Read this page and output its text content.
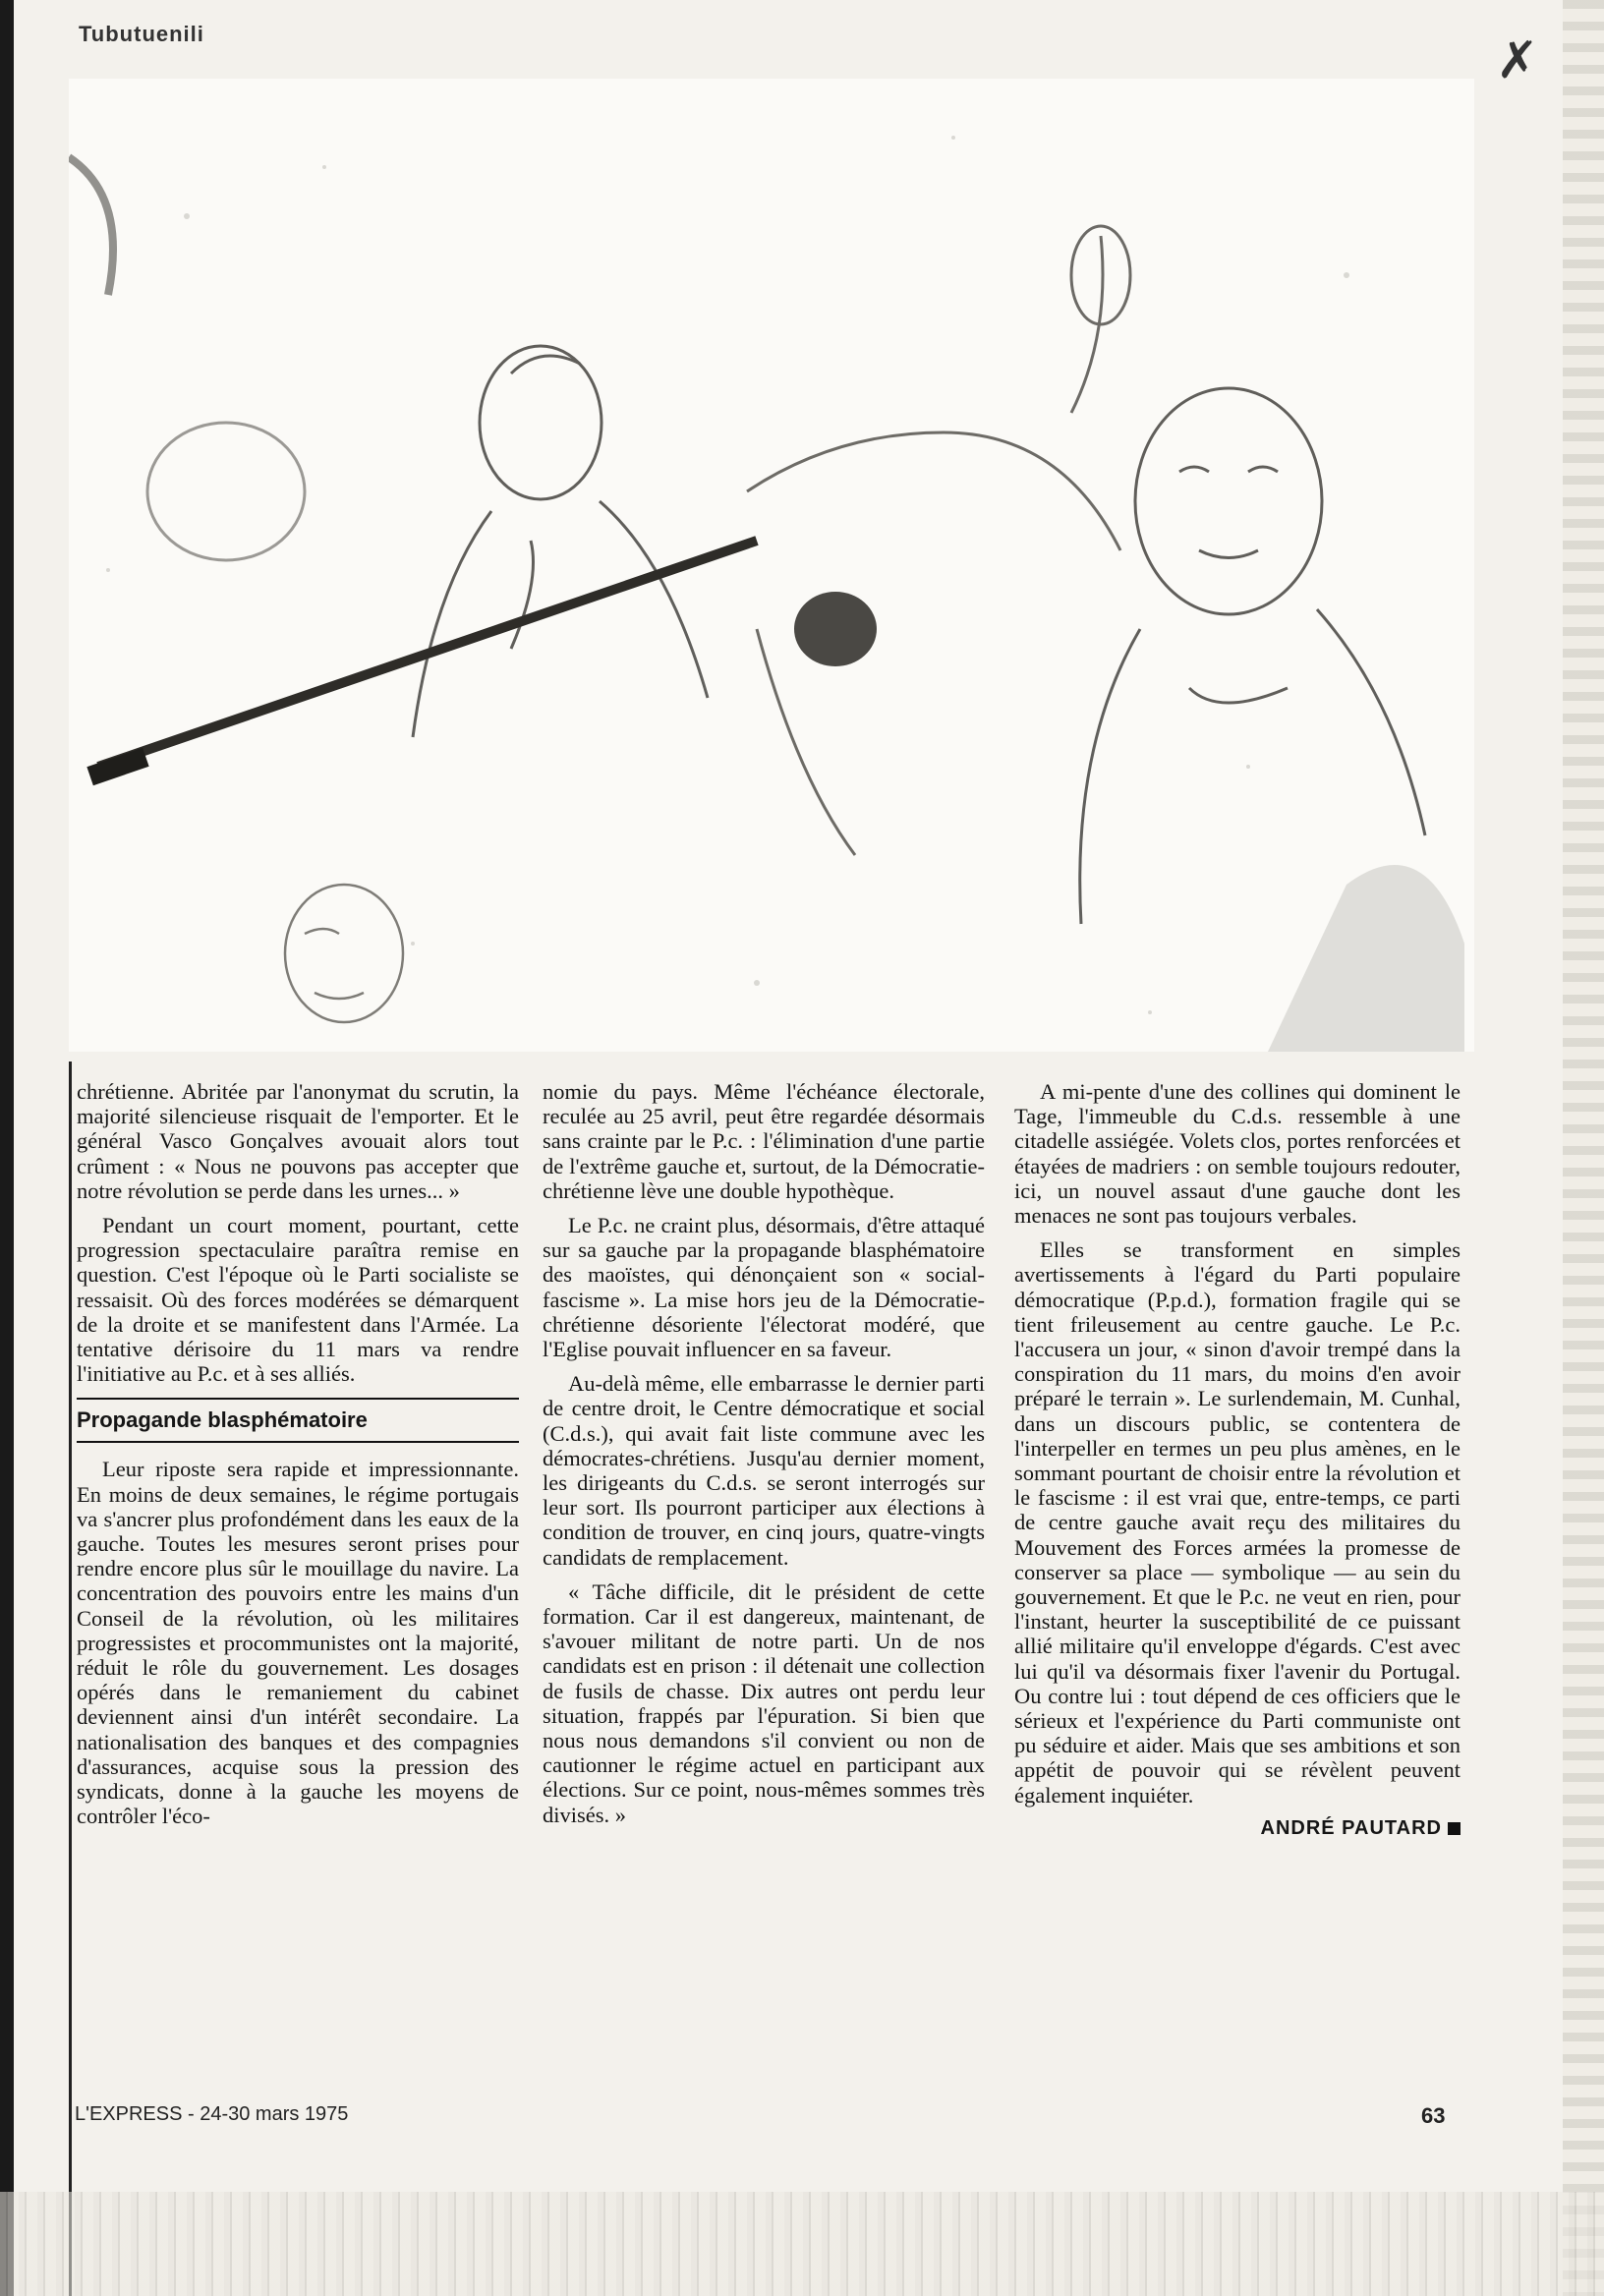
Tubutuenili	✗

chrétienne. Abritée par l'anonymat du scrutin, la majorité silencieuse risquait de l'emporter. Et le général Vasco Gonçalves avouait alors tout crûment : « Nous ne pouvons pas accepter que notre révolution se perde dans les urnes... »

Pendant un court moment, pourtant, cette progression spectaculaire paraîtra remise en question. C'est l'époque où le Parti socialiste se ressaisit. Où des forces modérées se démarquent de la droite et se manifestent dans l'Armée. La tentative dérisoire du 11 mars va rendre l'initiative au P.c. et à ses alliés.

Propagande blasphématoire

Leur riposte sera rapide et impressionnante. En moins de deux semaines, le régime portugais va s'ancrer plus profondément dans les eaux de la gauche. Toutes les mesures seront prises pour rendre encore plus sûr le mouillage du navire. La concentration des pouvoirs entre les mains d'un Conseil de la révolution, où les militaires progressistes et procommunistes ont la majorité, réduit le rôle du gouvernement. Les dosages opérés dans le remaniement du cabinet deviennent ainsi d'un intérêt secondaire. La nationalisation des banques et des compagnies d'assurances, acquise sous la pression des syndicats, donne à la gauche les moyens de contrôler l'éco-

nomie du pays. Même l'échéance électorale, reculée au 25 avril, peut être regardée désormais sans crainte par le P.c. : l'élimination d'une partie de l'extrême gauche et, surtout, de la Démocratie-chrétienne lève une double hypothèque.

Le P.c. ne craint plus, désormais, d'être attaqué sur sa gauche par la propagande blasphématoire des maoïstes, qui dénonçaient son « social-fascisme ». La mise hors jeu de la Démocratie-chrétienne désoriente l'électorat modéré, que l'Eglise pouvait influencer en sa faveur.

Au-delà même, elle embarrasse le dernier parti de centre droit, le Centre démocratique et social (C.d.s.), qui avait fait liste commune avec les démocrates-chrétiens. Jusqu'au dernier moment, les dirigeants du C.d.s. se seront interrogés sur leur sort. Ils pourront participer aux élections à condition de trouver, en cinq jours, quatre-vingts candidats de remplacement.

« Tâche difficile, dit le président de cette formation. Car il est dangereux, maintenant, de s'avouer militant de notre parti. Un de nos candidats est en prison : il détenait une collection de fusils de chasse. Dix autres ont perdu leur situation, frappés par l'épuration. Si bien que nous nous demandons s'il convient ou non de cautionner le régime actuel en participant aux élections. Sur ce point, nous-mêmes sommes très divisés. »

A mi-pente d'une des collines qui dominent le Tage, l'immeuble du C.d.s. ressemble à une citadelle assiégée. Volets clos, portes renforcées et étayées de madriers : on semble toujours redouter, ici, un nouvel assaut d'une gauche dont les menaces ne sont pas toujours verbales.

Elles se transforment en simples avertissements à l'égard du Parti populaire démocratique (P.p.d.), formation fragile qui se tient frileusement au centre gauche. Le P.c. l'accusera un jour, « sinon d'avoir trempé dans la conspiration du 11 mars, du moins d'en avoir préparé le terrain ». Le surlendemain, M. Cunhal, dans un discours public, se contentera de l'interpeller en termes un peu plus amènes, en le sommant pourtant de choisir entre la révolution et le fascisme : il est vrai que, entre-temps, ce parti de centre gauche avait reçu des militaires du Mouvement des Forces armées la promesse de conserver sa place — symbolique — au sein du gouvernement. Et que le P.c. ne veut en rien, pour l'instant, heurter la susceptibilité de ce puissant allié militaire qu'il enveloppe d'égards. C'est avec lui qu'il va désormais fixer l'avenir du Portugal. Ou contre lui : tout dépend de ces officiers que le sérieux et l'expérience du Parti communiste ont pu séduire et aider. Mais que ses ambitions et son appétit de pouvoir qui se révèlent peuvent également inquiéter.

ANDRÉ PAUTARD
L'EXPRESS - 24-30 mars 1975	63
